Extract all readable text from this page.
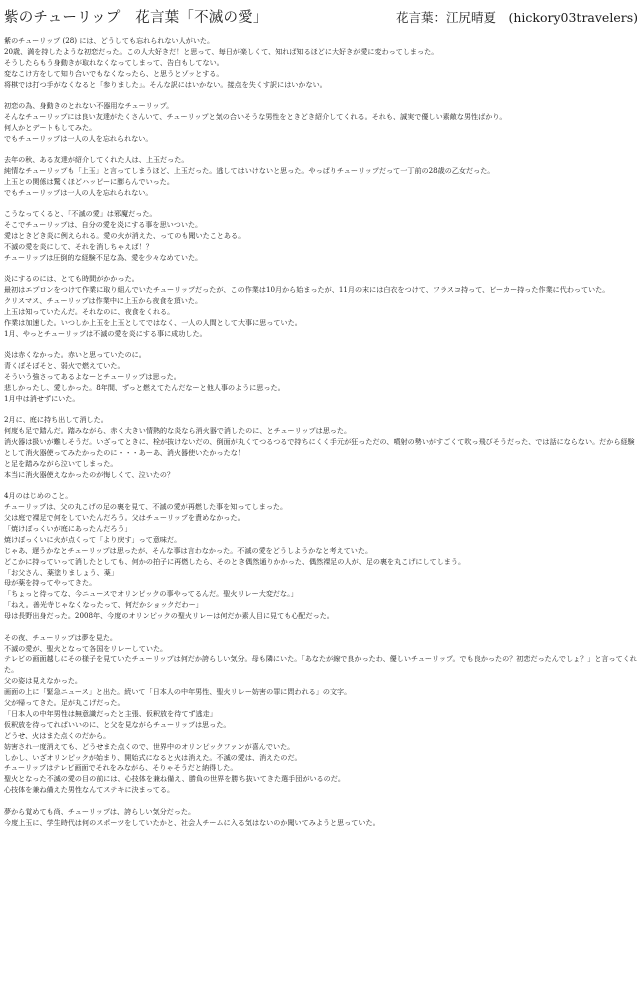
紫のチューリップ　花言葉「不滅の愛」	花言葉：江尻晴夏　(hickory03travelers)
紫のチューリップ (28) には、どうしても忘れられない人がいた。
20歳、満を持したような初恋だった。この人大好きだ！と思って、毎日が楽しくて、知れば知るほどに大好きが愛に変わってしまった。
そうしたらもう身動きが取れなくなってしまって、告白もしてない。
変なこけ方をして知り合いでもなくなったら、と思うとゾッとする。
将棋では打つ手がなくなると「参りました」。そんな訳にはいかない。接点を失くす訳にはいかない。
初恋の為、身動きのとれない不器用なチューリップ。
そんなチューリップには良い友達がたくさんいて、チューリップと気の合いそうな男性をときどき紹介してくれる。それも、誠実で優しい素敵な男性ばかり。
何人かとデートもしてみた。
でもチューリップは一人の人を忘れられない。
去年の秋、ある友達が紹介してくれた人は、上玉だった。
純情なチューリップも「上玉」と言ってしまうほど、上玉だった。逃してはいけないと思った。やっぱりチューリップだって一丁前の28歳の乙女だった。
上玉との関係は驚くほどハッピーに膨らんでいった。
でもチューリップは一人の人を忘れられない。
こうなってくると、「不滅の愛」は邪魔だった。
そこでチューリップは、自分の愛を炎にする事を思いついた。
愛はときどき炎に例えられる。愛の火が消えた、ってのも聞いたことある。
不滅の愛を炎にして、それを消しちゃえば！？
チューリップは圧倒的な経験不足な為、愛を少々なめていた。
炎にするのには、とても時間がかかった。
最初はエプロンをつけて作業に取り組んでいたチューリップだったが、この作業は10月から始まったが、11月の末には白衣をつけて、フラスコ持って、ビーカー持った作業に代わっていた。
クリスマス、チューリップは作業中に上玉から夜食を頂いた。
上玉は知っていたんだ。それなのに、夜食をくれる。
作業は加速した。いつしか上玉を上玉としてではなく、一人の人間として大事に思っていた。
1月、やっとチューリップは不滅の愛を炎にする事に成功した。
炎は赤くなかった。赤いと思っていたのに。
青くぼそぼそと、弱火で燃えていた。
そういう強さってあるよなーとチューリップは思った。
悲しかったし、愛しかった。8年間、ずっと燃えてたんだなーと他人事のように思った。
1月中は消せずにいた。
2月に、庭に持ち出して消した。
何度も足で踏んだ。踏みながら、赤く大きい情熱的な炎なら消火器で消したのに、とチューリップは思った。
消火器は扱いが難しそうだ。いざってときに、栓が抜けないだの、倒面が丸くてつるつるで持ちにくく手元が狂っただの、噴射の勢いがすごくて吹っ飛びそうだった、では話にならない。だから経験として消火器使ってみたかったのに・・・あーあ、消火器使いたかったな！
と足を踏みながら泣いてしまった。
本当に消火器使えなかったのが悔しくて、泣いたの？
4月のはじめのこと。
チューリップは、父の丸こげの足の裏を見て、不滅の愛が再燃した事を知ってしまった。
父は庭で裸足で何をしていたんだろう。父はチューリップを責めなかった。
「焼けぼっくいが庭にあったんだろう」
焼けぼっくいに火が点くって「より戻す」って意味だ。
じゃあ、遅うかなとチューリップは思ったが、そんな事は言わなかった。不滅の愛をどうしようかなと考えていた。
どこかに持っていって消したとしても、何かの拍子に再燃したら、そのとき偶然通りかかった、偶然裸足の人が、足の裏を丸こげにしてしまう。
「お父さん、薬塗りましょう、薬」
母が薬を持ってやってきた。
「ちょっと待ってな、今ニュースでオリンピックの事やってるんだ。聖火リレー大変だな。」
「ねえ。善光寺じゃなくなったって、何だかショックだわー」
母は長野出身だった。2008年、今度のオリンピックの聖火リレーは何だか素人目に見ても心配だった。
その夜、チューリップは夢を見た。
不滅の愛が、聖火となって各国をリレーしていた。
テレビの画面越しにその様子を見ていたチューリップは何だか誇らしい気分。母も隣にいた。「あなたが線で良かったわ、優しいチューリップ。でも良かったの？初恋だったんでしょ？」と言ってくれた。
父の姿は見えなかった。
画面の上に「緊急ニュース」と出た。続いて「日本人の中年男性、聖火リレー妨害の罪に問われる」の文字。
父が帰ってきた。足が丸こげだった。
「日本人の中年男性は無意識だったと主張、仮釈放を待てず逃走」
仮釈放を待ってればいいのに、と父を見ながらチューリップは思った。
どうせ、火はまた点くのだから。
妨害され一度消えても、どうせまた点くので、世界中のオリンピックファンが喜んでいた。
しかし、いざオリンピックが始まり、開始式になると火は消えた。不滅の愛は、消えたのだ。
チューリップはテレビ画面でそれをみながら、そりゃそうだと納得した。
聖火となった不滅の愛の目の前には、心技体を兼ね備え、勝負の世界を勝ち抜いてきた選手団がいるのだ。
心技体を兼ね備えた男性なんてステキに決まってる。
夢から覚めても尚、チューリップは、誇らしい気分だった。
今度上玉に、学生時代は何のスポーツをしていたかと、社会人チームに入る気はないのか聞いてみようと思っていた。
